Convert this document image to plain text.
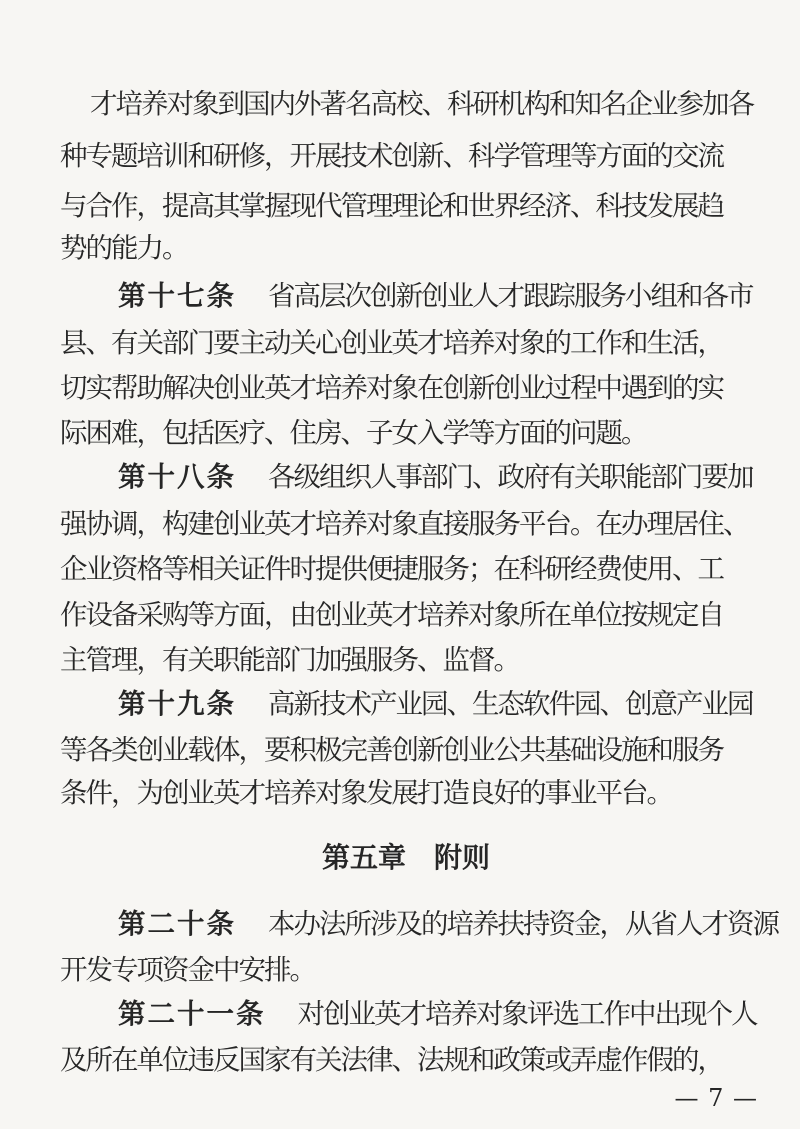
才培养对象到国内外著名高校、科研机构和知名企业参加各
种专题培训和研修，开展技术创新、科学管理等方面的交流
与合作，提高其掌握现代管理理论和世界经济、科技发展趋
势的能力。
第十七条 省高层次创新创业人才跟踪服务小组和各市
县、有关部门要主动关心创业英才培养对象的工作和生活，
切实帮助解决创业英才培养对象在创新创业过程中遇到的实
际困难，包括医疗、住房、子女入学等方面的问题。
第十八条 各级组织人事部门、政府有关职能部门要加
强协调，构建创业英才培养对象直接服务平台。在办理居住、
企业资格等相关证件时提供便捷服务；在科研经费使用、工
作设备采购等方面，由创业英才培养对象所在单位按规定自
主管理，有关职能部门加强服务、监督。
第十九条 高新技术产业园、生态软件园、创意产业园
等各类创业载体，要积极完善创新创业公共基础设施和服务
条件，为创业英才培养对象发展打造良好的事业平台。
第五章 附则
第二十条 本办法所涉及的培养扶持资金，从省人才资源
开发专项资金中安排。
第二十一条 对创业英才培养对象评选工作中出现个人
及所在单位违反国家有关法律、法规和政策或弄虚作假的，
— 7 —
